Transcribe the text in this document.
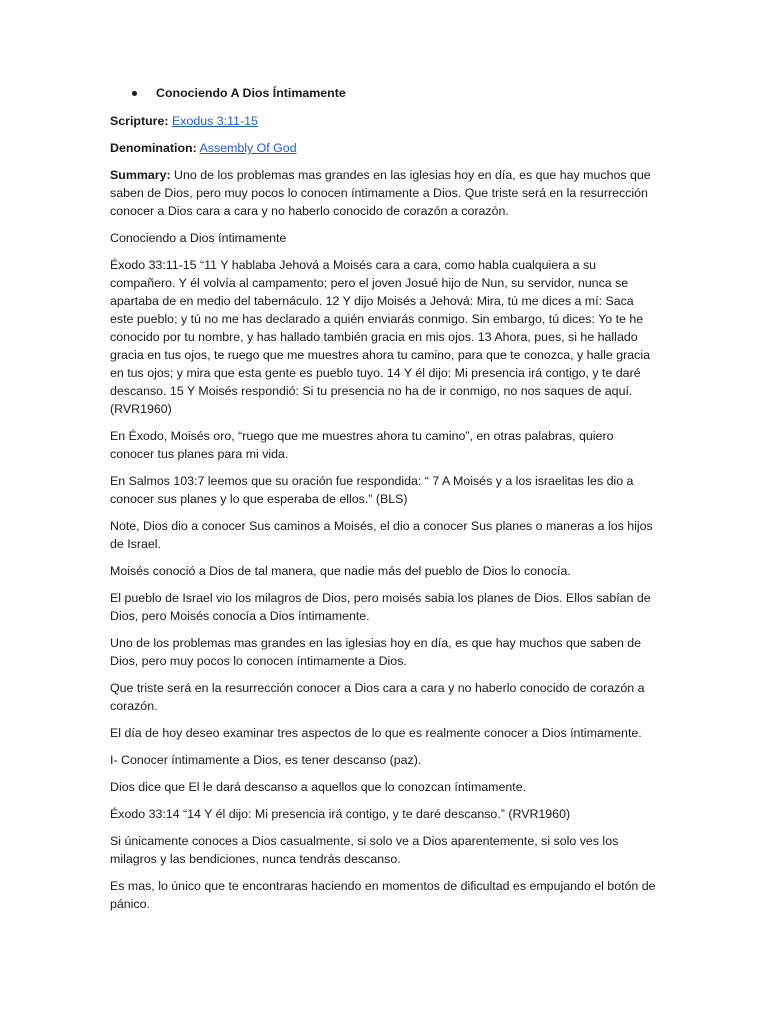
Conociendo A Dios Íntimamente

Scripture: Exodus 3:11-15

Denomination: Assembly Of God

Summary: Uno de los problemas mas grandes en las iglesias hoy en día, es que hay muchos que saben de Dios, pero muy pocos lo conocen íntimamente a Dios. Que triste será en la resurrección conocer a Dios cara a cara y no haberlo conocido de corazón a corazón.

Conociendo a Dios íntimamente

Éxodo 33:11-15 “11 Y hablaba Jehová a Moisés cara a cara, como habla cualquiera a su compañero. Y él volvía al campamento; pero el joven Josué hijo de Nun, su servidor, nunca se apartaba de en medio del tabernáculo. 12 Y dijo Moisés a Jehová: Mira, tú me dices a mí: Saca este pueblo; y tú no me has declarado a quién enviarás conmigo. Sin embargo, tú dices: Yo te he conocido por tu nombre, y has hallado también gracia en mis ojos. 13 Ahora, pues, si he hallado gracia en tus ojos, te ruego que me muestres ahora tu camino, para que te conozca, y halle gracia en tus ojos; y mira que esta gente es pueblo tuyo. 14 Y él dijo: Mi presencia irá contigo, y te daré descanso. 15 Y Moisés respondió: Si tu presencia no ha de ir conmigo, no nos saques de aquí. (RVR1960)

En Éxodo, Moisés oro, “ruego que me muestres ahora tu camino”, en otras palabras, quiero conocer tus planes para mi vida.

En Salmos 103:7 leemos que su oración fue respondida: “ 7 A Moisés y a los israelitas les dio a conocer sus planes y lo que esperaba de ellos.” (BLS)

Note, Dios dio a conocer Sus caminos a Moisés, el dio a conocer Sus planes o maneras a los hijos de Israel.

Moisés conoció a Dios de tal manera, que nadie más del pueblo de Dios lo conocía.

El pueblo de Israel vio los milagros de Dios, pero moisés sabia los planes de Dios. Ellos sabían de Dios, pero Moisés conocía a Dios íntimamente.

Uno de los problemas mas grandes en las iglesias hoy en día, es que hay muchos que saben de Dios, pero muy pocos lo conocen íntimamente a Dios.

Que triste será en la resurrección conocer a Dios cara a cara y no haberlo conocido de corazón a corazón.

El día de hoy deseo examinar tres aspectos de lo que es realmente conocer a Dios íntimamente.

I- Conocer íntimamente a Dios, es tener descanso (paz).

Dios dice que El le dará descanso a aquellos que lo conozcan íntimamente.

Éxodo 33:14 “14 Y él dijo: Mi presencia irá contigo, y te daré descanso.” (RVR1960)

Si únicamente conoces a Dios casualmente, si solo ve a Dios aparentemente, si solo ves los milagros y las bendiciones, nunca tendrás descanso.

Es mas, lo único que te encontraras haciendo en momentos de dificultad es empujando el botón de pánico.
